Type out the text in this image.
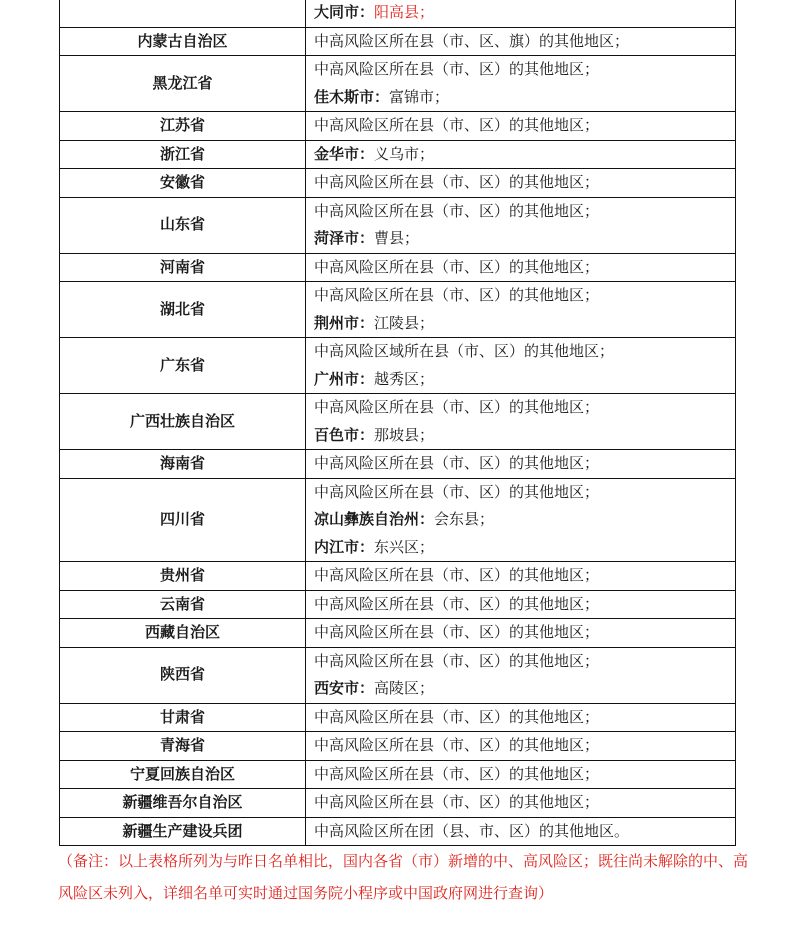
	大同市：阳高县；

内蒙古自治区	中高风险区所在县（市、区、旗）的其他地区；

黑龙江省	中高风险区所在县（市、区）的其他地区；
佳木斯市：富锦市；

江苏省	中高风险区所在县（市、区）的其他地区；

浙江省	金华市：义乌市；

安徽省	中高风险区所在县（市、区）的其他地区；

山东省	中高风险区所在县（市、区）的其他地区；
菏泽市：曹县；

河南省	中高风险区所在县（市、区）的其他地区；

湖北省	中高风险区所在县（市、区）的其他地区；
荆州市：江陵县；

广东省	中高风险区域所在县（市、区）的其他地区；
广州市：越秀区；

广西壮族自治区	中高风险区所在县（市、区）的其他地区；
百色市：那坡县；

海南省	中高风险区所在县（市、区）的其他地区；

四川省	中高风险区所在县（市、区）的其他地区；
凉山彝族自治州：会东县；
内江市：东兴区；

贵州省	中高风险区所在县（市、区）的其他地区；

云南省	中高风险区所在县（市、区）的其他地区；

西藏自治区	中高风险区所在县（市、区）的其他地区；

陕西省	中高风险区所在县（市、区）的其他地区；
西安市：高陵区；

甘肃省	中高风险区所在县（市、区）的其他地区；

青海省	中高风险区所在县（市、区）的其他地区；

宁夏回族自治区	中高风险区所在县（市、区）的其他地区；

新疆维吾尔自治区	中高风险区所在县（市、区）的其他地区；

新疆生产建设兵团	中高风险区所在团（县、市、区）的其他地区。

（备注：以上表格所列为与昨日名单相比，国内各省（市）新增的中、高风险区；既往尚未解除的中、高风险区未列入，详细名单可实时通过国务院小程序或中国政府网进行查询）
